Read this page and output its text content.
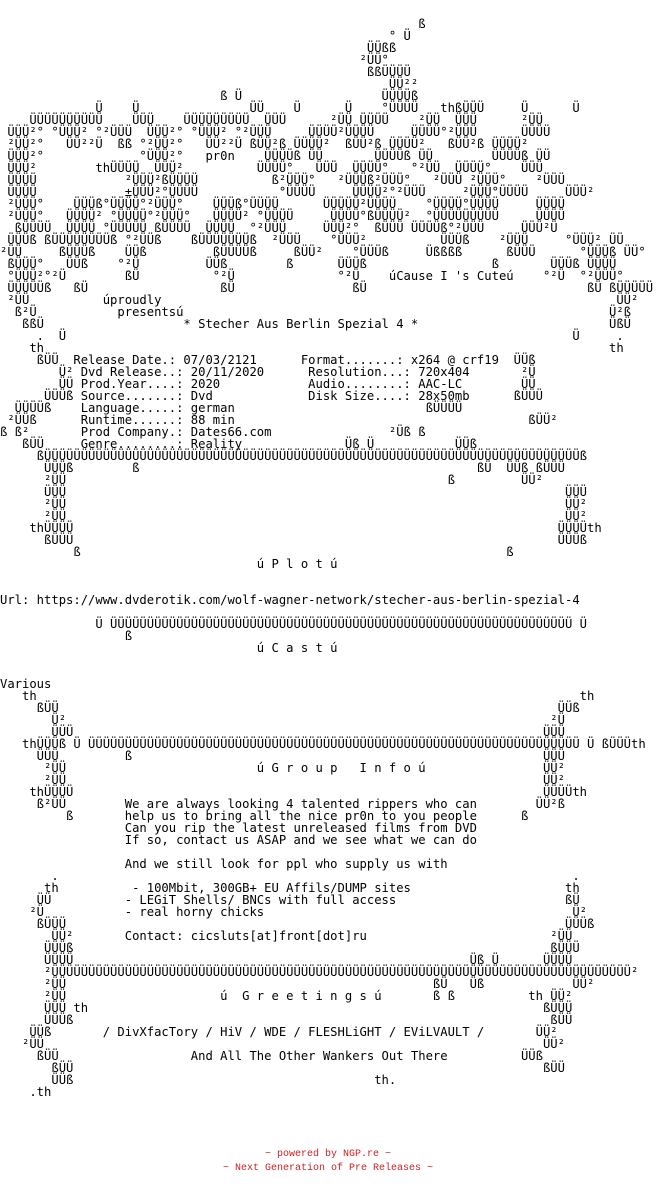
ß
° Ü
ÜÜßß
²ÜÜ°
ßßÜÜÜÜ
ÜÜ²²
ß Ü                   ÜÜÜÜß
Ü    Ü               ÜÜ    Ü      Ü    °ÜÜÜÜ   thßÜÜÜ     Ü      Ü
ÜÜÜÜÜÜÜÜÜÜ    ÜÜÜ    ÜÜÜÜÜÜÜÜÜ  ÜÜÜ      ²ÜÜ ÜÜÜÜ    ²ÜÜ  ÜÜÜ      ²ÜÜ
ÜÜÜ²° °ÜÜÜ² °²ÜÜÜ  ÜÜÜ²° °ÜÜÜ² °²ÜÜÜ     ÜÜÜÜ²ÜÜÜÜ     ÜÜÜÜ°²ÜÜÜ      ÜÜÜÜ
²ÜÜ²°   ÜÜ²²Ü  ßß °²ÜÜ²°   ÜÜ²²Ü ßÜÜ²ß ÜÜÜÜ²  ßÜÜ²ß ÜÜÜÜ²   ßÜÜ²ß ÜÜÜÜ²
ÜÜÜ²°             °ÜÜÜ²°   pr0n    ÜÜÜÜß ÜÜ       ÜÜÜÜß ÜÜ        ÜÜÜÜß ÜÜ
ÜÜÜ²        thÜÜÜÜ  ÜÜÜ²          ÜÜÜÜ°   ÜÜÜ  ÜÜÜÜ°   °²ÜÜ  ÜÜÜÜ°    ÜÜÜ
ÜÜÜÜ            ²ÜÜÜ²ßÜÜÜÜ          ß²ÜÜÜ°   ²ÜÜÜß²ÜÜÜ°   ²ÜÜÜ ²ÜÜÜ°    ²ÜÜÜ
ÜÜÜÜ            ±ÜÜÜ²°ÜÜÜÜ           °ÜÜÜÜ     ÜÜÜÜ²°²ÜÜÜ     ²ÜÜÜ°ÜÜÜÜ     ÜÜÜ²
²ÜÜÜ°    ÜÜÜß°ÜÜÜÜ°²ÜÜÜ°    ÜÜÜß°ÜÜÜÜ      ÜÜÜÜÜ²ÜÜÜÜ    °ÜÜÜÜ°ÜÜÜÜ     ÜÜÜÜ
²ÜÜÜ°   ÜÜÜÜ² °ÜÜÜÜ°²ÜÜÜ°   ÜÜÜÜ² °ÜÜÜÜ     ÜÜÜÜ°ßÜÜÜÜ²  °ÜÜÜÜÜÜÜÜÜ     ÜÜÜÜ
ßÜÜÜÜ  ÜÜÜÜ °ÜÜÜÜÜ ßÜÜÜÜ  ÜÜÜÜ  °²ÜÜÜ     ÜÜÜ²°  ßÜÜÜ ÜÜÜÜß°²ÜÜÜ     ÜÜÜ²Ü
ÜÜÜß ßÜÜÜÜÜÜÜÜß °²ÜÜß    ßÜÜÜÜÜÜÜß  ²ÜÜÜ    °ÜÜÜ²          ÜÜÜß    ²ÜÜÜ     °ÜÜÜ² ÜÜ
²ÜÜ     ßÜÜÜß    ÜÜß         ßÜÜÜÜß     ßÜÜ²    °ÜÜÜß     Üßßßß      ßÜÜÜ      °ÜÜÜß ÜÜ°
ßÜÜÜ°   ÜÜß    °²Ü         ÜÜß        ß      ÜÜÜß                 ß       ÜÜÜß ÜÜÜÜ
°ÜÜÜ²°²Ü        ßÜ          °²Ü              °²Ü    úCause I 's Cuteú    °²Ü  °²ÜÜÜ°
ÜÜÜÜÜß   ßÜ                  ßÜ                ßÜ                              ßÜ ßÜÜÜÜÜ
²ÜÜ          úproudly                                                              ÜÜ²
ß²Ü           presentsú                                                          Ü²ß
ßßÜ                   * Stecher Aus Berlin Spezial 4 *                          ÜßÜ
.  Ü                                                                     Ü     .
th                                                                             th
ßÜÜ  Release Date.: 07/03/2121      Format.......: x264 @ crf19  ÜÜß
Ü² Dvd Release..: 20/11/2020      Resolution...: 720x404       ²Ü
ÜÜ Prod.Year....: 2020            Audio........: AAC-LC        ÜÜ
ÜÜÜß Source.......: Dvd             Disk Size....: 28x50mb      ßÜÜÜ
ÜÜÜÜß    Language.....: german                          ßÜÜÜÜ
²ÜÜß      Runtime......: 88 min                                        ßÜÜ²
ß ß²       Prod Company.: Dates66.com                ²Üß ß
ßÜÜ     Genre........: Reality              Üß Ü           ÜÜß
ßÜÜÜÜÜÜÜÜÜÜÜÜÜÜÜÜÜÜÜÜÜÜÜÜÜÜÜÜÜÜÜÜÜÜÜÜÜÜÜÜÜÜÜÜÜÜÜÜÜÜÜÜÜÜÜÜÜÜÜÜÜÜÜÜÜÜÜÜÜÜÜÜÜß
ÜÜÜß        ß                                              ßÜ  ÜÜß ßÜÜÜ
²ÜÜ                                                    ß         ÜÜ²
ÜÜÜ                                                                    ÜÜÜ
²ÜÜ                                                                    ÜÜ²
²ÜÜ                                                                    ÜÜ²
thÜÜÜÜ                                                                  ÜÜÜÜth
ßÜÜÜ                                                                  ÜÜÜß
ß                                                          ß
ú P l o t ú

Url: https://www.dvderotik.com/wolf-wagner-network/stecher-aus-berlin-spezial-4

Ü ÜÜÜÜÜÜÜÜÜÜÜÜÜÜÜÜÜÜÜÜÜÜÜÜÜÜÜÜÜÜÜÜÜÜÜÜÜÜÜÜÜÜÜÜÜÜÜÜÜÜÜÜÜÜÜÜÜÜÜÜÜÜÜ Ü
ß
ú C a s t ú

Various
th                                                                          th
ßÜÜ                                                                    ÜÜß
Ü²                                                                  ²Ü
ÜÜÜ                                                                ÜÜÜ
thÜÜÜß Ü ÜÜÜÜÜÜÜÜÜÜÜÜÜÜÜÜÜÜÜÜÜÜÜÜÜÜÜÜÜÜÜÜÜÜÜÜÜÜÜÜÜÜÜÜÜÜÜÜÜÜÜÜÜÜÜÜÜÜÜÜÜÜÜÜÜÜÜ Ü ßÜÜÜth
ÜÜÜ         ß                                                        ÜÜÜ
²ÜÜ                          ú G r o u p   I n f o ú                ÜÜ²
²ÜÜ                                                                 ÜÜ²
thÜÜÜÜ                                                                ÜÜÜÜth
ß²ÜÜ        We are always looking 4 talented rippers who can        ÜÜ²ß
ß       help us to bring all the nice pr0n to you people      ß
Can you rip the latest unreleased films from DVD
If so, contact us ASAP and we see what we can do

And we still look for ppl who supply us with
.                                                                      .
th          - 100Mbit, 300GB+ EU Affils/DUMP sites                     th
ÜÜ          - LEGiT Shells/ BNCs with full access                       ßÜ
²Ü           - real horny chicks                                          Ü²
ßÜÜÜ                                                                    ÜÜÜß
ÜÜ²       Contact: cicsluts[at]front[dot]ru                         ²ÜÜ
ÜÜÜß                                                                 ßÜÜÜ
ÜÜÜÜ                                                      Üß Ü      ÜÜÜÜ
²ÜÜÜÜÜÜÜÜÜÜÜÜÜÜÜÜÜÜÜÜÜÜÜÜÜÜÜÜÜÜÜÜÜÜÜÜÜÜÜÜÜÜÜÜÜÜÜÜÜÜÜÜÜÜÜÜÜÜÜÜÜÜÜÜÜÜÜÜÜÜÜÜÜÜÜÜÜÜÜ²
²ÜÜ                                                  ßÜ   Üß            ÜÜ²
²ÜÜ                     ú  G r e e t i n g s ú       ß ß          th ÜÜ²
ÜÜÜ th                                                              ßÜÜÜ
ÜÜÜß                                                                 ßÜÜ
ÜÜß       / DivXfacTory / HiV / WDE / FLESHLiGHT / EViLVAULT /       ÜÜ²
²ÜÜ                                                                    ÜÜ²
ßÜÜ                  And All The Other Wankers Out There          ÜÜß
ßÜÜ                                                                ßÜÜ
ÜÜß                                         th.
.th
~ powered by NGP.re ~
~ Next Generation of Pre Releases ~
